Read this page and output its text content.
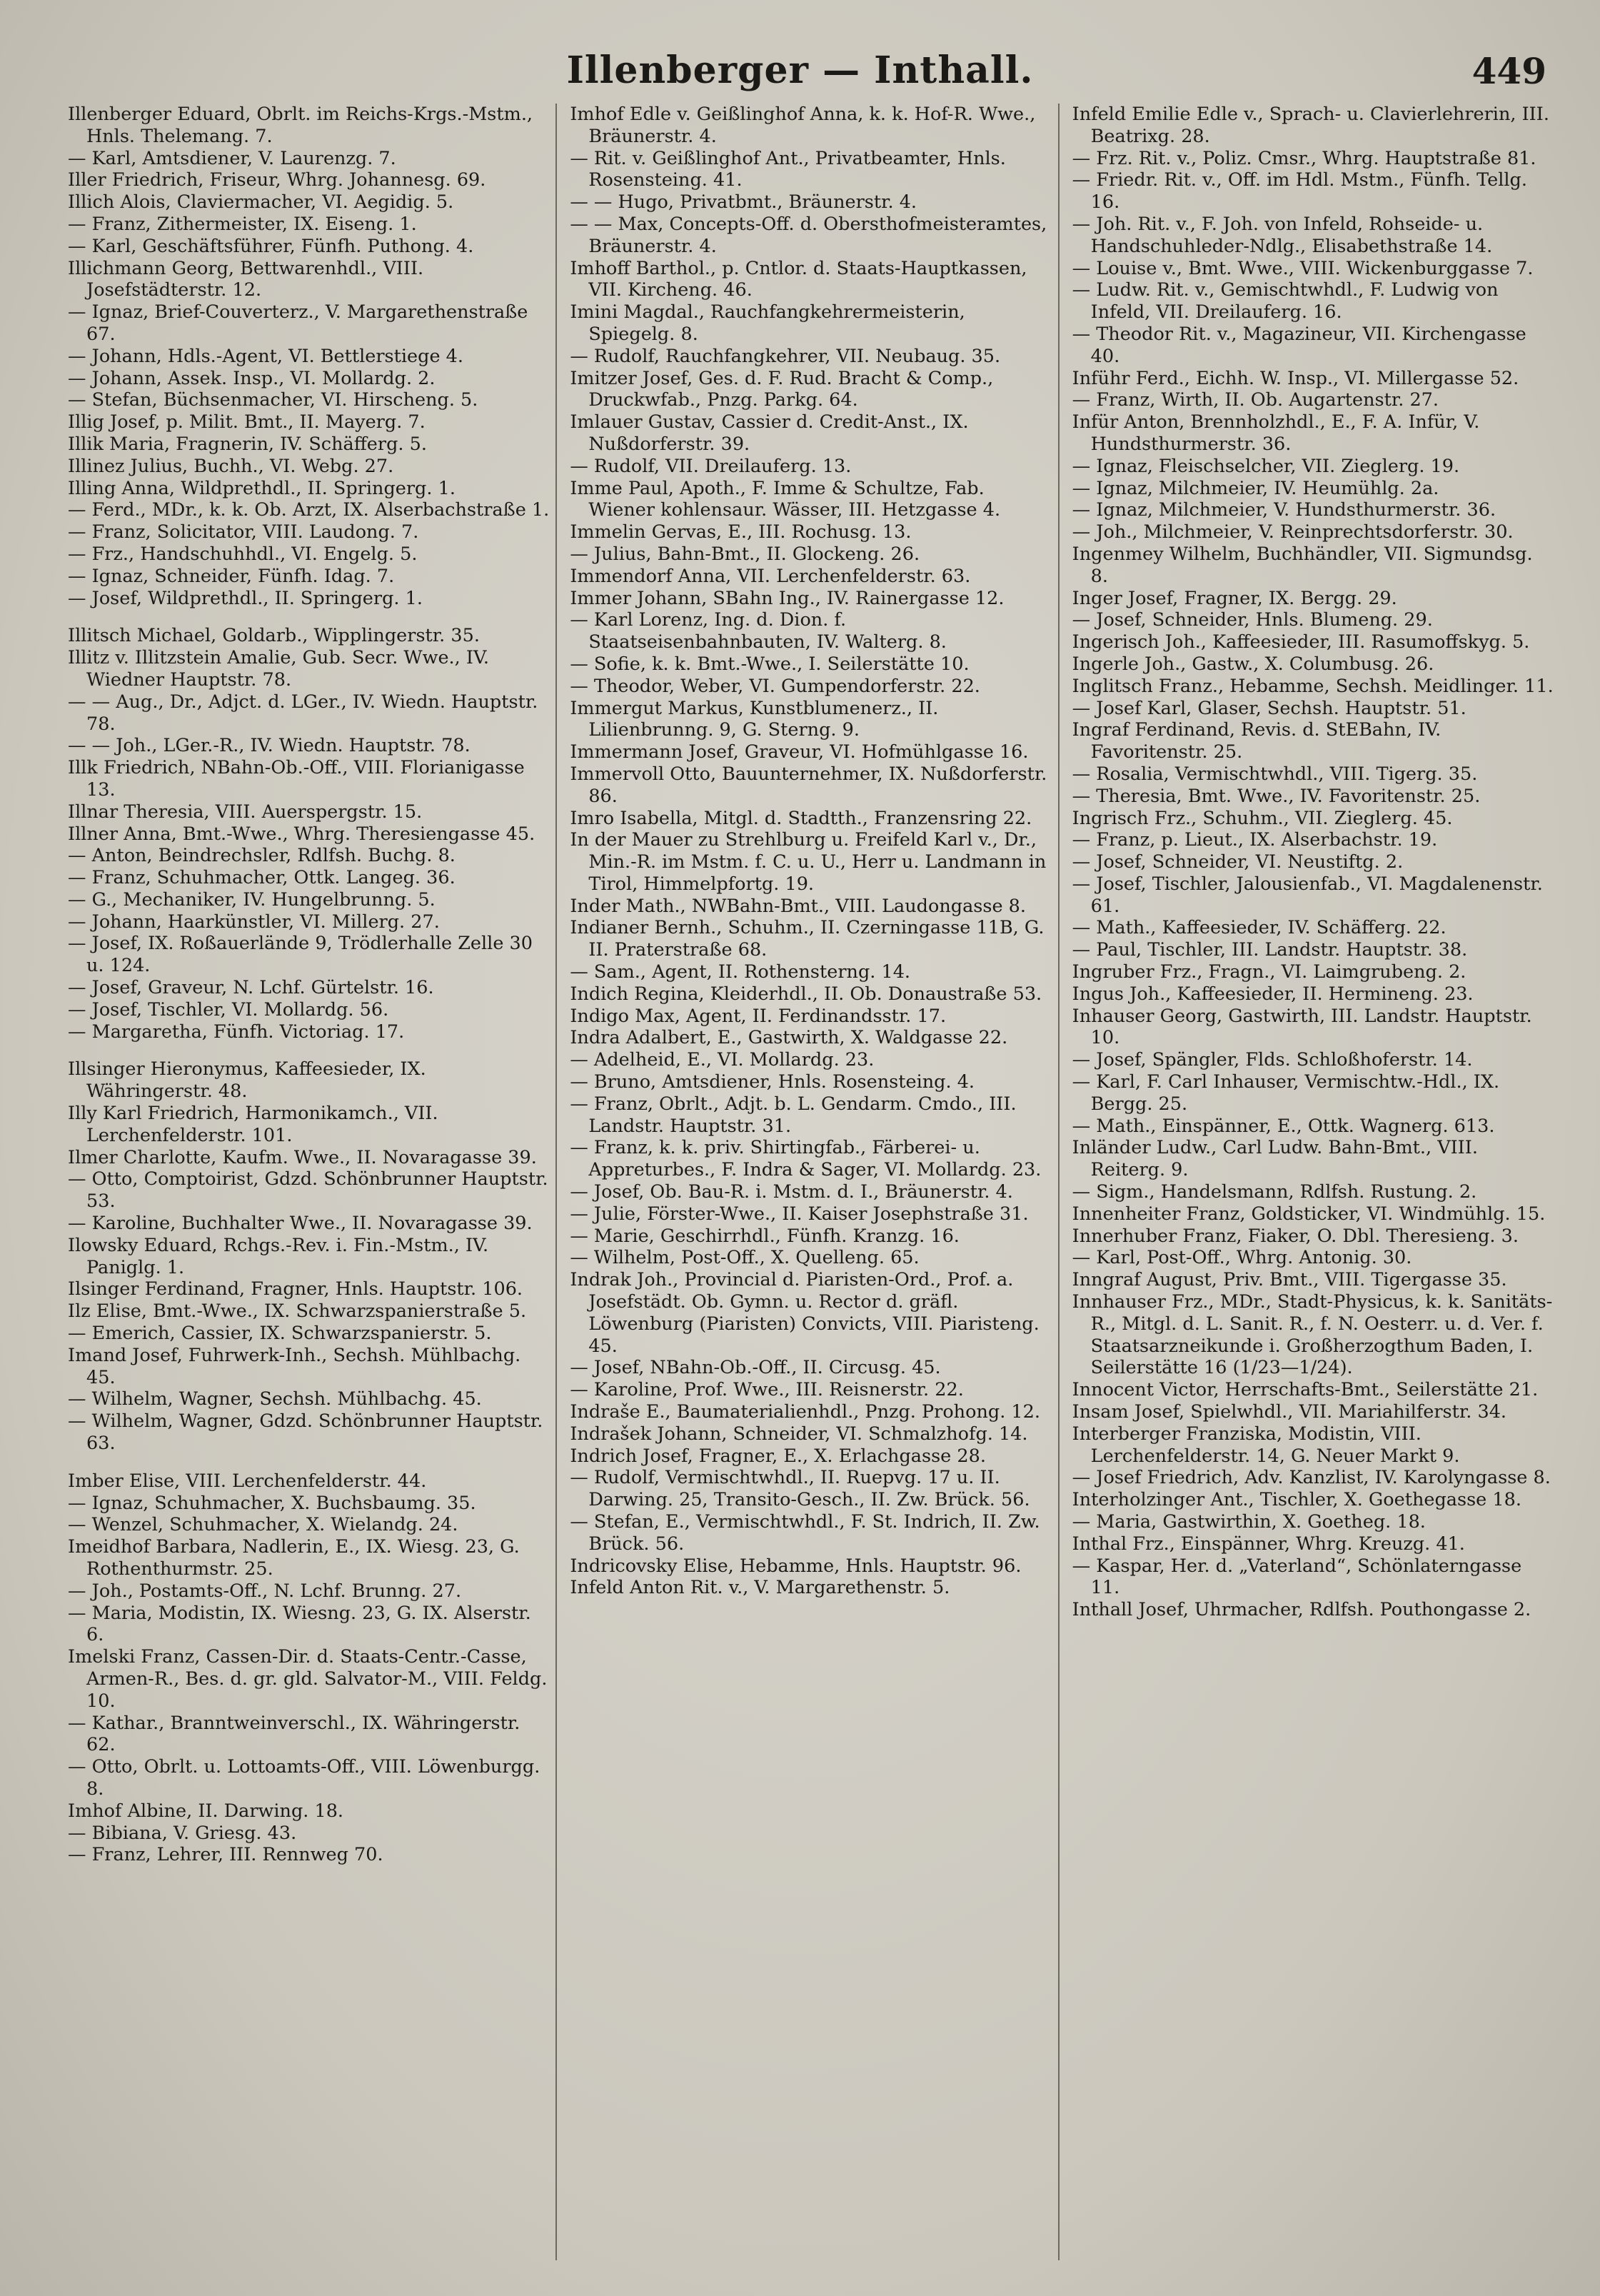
Illenberger — Inthall.	449

Illenberger Eduard, Obrlt. im Reichs-Krgs.-Mstm., Hnls. Thelemang. 7.

— Karl, Amtsdiener, V. Laurenzg. 7.

Iller Friedrich, Friseur, Whrg. Johannesg. 69.

Illich Alois, Claviermacher, VI. Aegidig. 5.

— Franz, Zithermeister, IX. Eiseng. 1.

— Karl, Geschäftsführer, Fünfh. Puthong. 4.

Illichmann Georg, Bettwarenhdl., VIII. Josefstädterstr. 12.

— Ignaz, Brief-Couverterz., V. Margarethenstraße 67.

— Johann, Hdls.-Agent, VI. Bettlerstiege 4.

— Johann, Assek. Insp., VI. Mollardg. 2.

— Stefan, Büchsenmacher, VI. Hirscheng. 5.

Illig Josef, p. Milit. Bmt., II. Mayerg. 7.

Illik Maria, Fragnerin, IV. Schäfferg. 5.

Illinez Julius, Buchh., VI. Webg. 27.

Illing Anna, Wildprethdl., II. Springerg. 1.

— Ferd., MDr., k. k. Ob. Arzt, IX. Alserbachstraße 1.

— Franz, Solicitator, VIII. Laudong. 7.

— Frz., Handschuhhdl., VI. Engelg. 5.

— Ignaz, Schneider, Fünfh. Idag. 7.

— Josef, Wildprethdl., II. Springerg. 1.

Illitsch Michael, Goldarb., Wipplingerstr. 35.

Illitz v. Illitzstein Amalie, Gub. Secr. Wwe., IV. Wiedner Hauptstr. 78.

— — Aug., Dr., Adjct. d. LGer., IV. Wiedn. Hauptstr. 78.

— — Joh., LGer.-R., IV. Wiedn. Hauptstr. 78.

Illk Friedrich, NBahn-Ob.-Off., VIII. Florianigasse 13.

Illnar Theresia, VIII. Auerspergstr. 15.

Illner Anna, Bmt.-Wwe., Whrg. Theresiengasse 45.

— Anton, Beindrechsler, Rdlfsh. Buchg. 8.

— Franz, Schuhmacher, Ottk. Langeg. 36.

— G., Mechaniker, IV. Hungelbrunng. 5.

— Johann, Haarkünstler, VI. Millerg. 27.

— Josef, IX. Roßauerlände 9, Trödlerhalle Zelle 30 u. 124.

— Josef, Graveur, N. Lchf. Gürtelstr. 16.

— Josef, Tischler, VI. Mollardg. 56.

— Margaretha, Fünfh. Victoriag. 17.

Illsinger Hieronymus, Kaffeesieder, IX. Währingerstr. 48.

Illy Karl Friedrich, Harmonikamch., VII. Lerchenfelderstr. 101.

Ilmer Charlotte, Kaufm. Wwe., II. Novaragasse 39.

— Otto, Comptoirist, Gdzd. Schönbrunner Hauptstr. 53.

— Karoline, Buchhalter Wwe., II. Novaragasse 39.

Ilowsky Eduard, Rchgs.-Rev. i. Fin.-Mstm., IV. Paniglg. 1.

Ilsinger Ferdinand, Fragner, Hnls. Hauptstr. 106.

Ilz Elise, Bmt.-Wwe., IX. Schwarzspanierstraße 5.

— Emerich, Cassier, IX. Schwarzspanierstr. 5.

Imand Josef, Fuhrwerk-Inh., Sechsh. Mühlbachg. 45.

— Wilhelm, Wagner, Sechsh. Mühlbachg. 45.

— Wilhelm, Wagner, Gdzd. Schönbrunner Hauptstr. 63.

Imber Elise, VIII. Lerchenfelderstr. 44.

— Ignaz, Schuhmacher, X. Buchsbaumg. 35.

— Wenzel, Schuhmacher, X. Wielandg. 24.

Imeidhof Barbara, Nadlerin, E., IX. Wiesg. 23, G. Rothenthurmstr. 25.

— Joh., Postamts-Off., N. Lchf. Brunng. 27.

— Maria, Modistin, IX. Wiesng. 23, G. IX. Alserstr. 6.

Imelski Franz, Cassen-Dir. d. Staats-Centr.-Casse, Armen-R., Bes. d. gr. gld. Salvator-M., VIII. Feldg. 10.

— Kathar., Branntweinverschl., IX. Währingerstr. 62.

— Otto, Obrlt. u. Lottoamts-Off., VIII. Löwenburgg. 8.

Imhof Albine, II. Darwing. 18.

— Bibiana, V. Griesg. 43.

— Franz, Lehrer, III. Rennweg 70.

Imhof Edle v. Geißlinghof Anna, k. k. Hof-R. Wwe., Bräunerstr. 4.

— Rit. v. Geißlinghof Ant., Privatbeamter, Hnls. Rosensteing. 41.

— — Hugo, Privatbmt., Bräunerstr. 4.

— — Max, Concepts-Off. d. Obersthofmeisteramtes, Bräunerstr. 4.

Imhoff Barthol., p. Cntlor. d. Staats-Hauptkassen, VII. Kircheng. 46.

Imini Magdal., Rauchfangkehrermeisterin, Spiegelg. 8.

— Rudolf, Rauchfangkehrer, VII. Neubaug. 35.

Imitzer Josef, Ges. d. F. Rud. Bracht & Comp., Druckwfab., Pnzg. Parkg. 64.

Imlauer Gustav, Cassier d. Credit-Anst., IX. Nußdorferstr. 39.

— Rudolf, VII. Dreilauferg. 13.

Imme Paul, Apoth., F. Imme & Schultze, Fab. Wiener kohlensaur. Wässer, III. Hetzgasse 4.

Immelin Gervas, E., III. Rochusg. 13.

— Julius, Bahn-Bmt., II. Glockeng. 26.

Immendorf Anna, VII. Lerchenfelderstr. 63.

Immer Johann, SBahn Ing., IV. Rainergasse 12.

— Karl Lorenz, Ing. d. Dion. f. Staatseisenbahnbauten, IV. Walterg. 8.

— Sofie, k. k. Bmt.-Wwe., I. Seilerstätte 10.

— Theodor, Weber, VI. Gumpendorferstr. 22.

Immergut Markus, Kunstblumenerz., II. Lilienbrunng. 9, G. Sterng. 9.

Immermann Josef, Graveur, VI. Hofmühlgasse 16.

Immervoll Otto, Bauunternehmer, IX. Nußdorferstr. 86.

Imro Isabella, Mitgl. d. Stadtth., Franzensring 22.

In der Mauer zu Strehlburg u. Freifeld Karl v., Dr., Min.-R. im Mstm. f. C. u. U., Herr u. Landmann in Tirol, Himmelpfortg. 19.

Inder Math., NWBahn-Bmt., VIII. Laudongasse 8.

Indianer Bernh., Schuhm., II. Czerningasse 11B, G. II. Praterstraße 68.

— Sam., Agent, II. Rothensterng. 14.

Indich Regina, Kleiderhdl., II. Ob. Donaustraße 53.

Indigo Max, Agent, II. Ferdinandsstr. 17.

Indra Adalbert, E., Gastwirth, X. Waldgasse 22.

— Adelheid, E., VI. Mollardg. 23.

— Bruno, Amtsdiener, Hnls. Rosensteing. 4.

— Franz, Obrlt., Adjt. b. L. Gendarm. Cmdo., III. Landstr. Hauptstr. 31.

— Franz, k. k. priv. Shirtingfab., Färberei- u. Appreturbes., F. Indra & Sager, VI. Mollardg. 23.

— Josef, Ob. Bau-R. i. Mstm. d. I., Bräunerstr. 4.

— Julie, Förster-Wwe., II. Kaiser Josephstraße 31.

— Marie, Geschirrhdl., Fünfh. Kranzg. 16.

— Wilhelm, Post-Off., X. Quelleng. 65.

Indrak Joh., Provincial d. Piaristen-Ord., Prof. a. Josefstädt. Ob. Gymn. u. Rector d. gräfl. Löwenburg (Piaristen) Convicts, VIII. Piaristeng. 45.

— Josef, NBahn-Ob.-Off., II. Circusg. 45.

— Karoline, Prof. Wwe., III. Reisnerstr. 22.

Indraše E., Baumaterialienhdl., Pnzg. Prohong. 12.

Indrašek Johann, Schneider, VI. Schmalzhofg. 14.

Indrich Josef, Fragner, E., X. Erlachgasse 28.

— Rudolf, Vermischtwhdl., II. Ruepvg. 17 u. II. Darwing. 25, Transito-Gesch., II. Zw. Brück. 56.

— Stefan, E., Vermischtwhdl., F. St. Indrich, II. Zw. Brück. 56.

Indricovsky Elise, Hebamme, Hnls. Hauptstr. 96.

Infeld Anton Rit. v., V. Margarethenstr. 5.

Infeld Emilie Edle v., Sprach- u. Clavierlehrerin, III. Beatrixg. 28.

— Frz. Rit. v., Poliz. Cmsr., Whrg. Hauptstraße 81.

— Friedr. Rit. v., Off. im Hdl. Mstm., Fünfh. Tellg. 16.

— Joh. Rit. v., F. Joh. von Infeld, Rohseide- u. Handschuhleder-Ndlg., Elisabethstraße 14.

— Louise v., Bmt. Wwe., VIII. Wickenburggasse 7.

— Ludw. Rit. v., Gemischtwhdl., F. Ludwig von Infeld, VII. Dreilauferg. 16.

— Theodor Rit. v., Magazineur, VII. Kirchengasse 40.

Inführ Ferd., Eichh. W. Insp., VI. Millergasse 52.

— Franz, Wirth, II. Ob. Augartenstr. 27.

Infür Anton, Brennholzhdl., E., F. A. Infür, V. Hundsthurmerstr. 36.

— Ignaz, Fleischselcher, VII. Zieglerg. 19.

— Ignaz, Milchmeier, IV. Heumühlg. 2a.

— Ignaz, Milchmeier, V. Hundsthurmerstr. 36.

— Joh., Milchmeier, V. Reinprechtsdorferstr. 30.

Ingenmey Wilhelm, Buchhändler, VII. Sigmundsg. 8.

Inger Josef, Fragner, IX. Bergg. 29.

— Josef, Schneider, Hnls. Blumeng. 29.

Ingerisch Joh., Kaffeesieder, III. Rasumoffskyg. 5.

Ingerle Joh., Gastw., X. Columbusg. 26.

Inglitsch Franz., Hebamme, Sechsh. Meidlinger. 11.

— Josef Karl, Glaser, Sechsh. Hauptstr. 51.

Ingraf Ferdinand, Revis. d. StEBahn, IV. Favoritenstr. 25.

— Rosalia, Vermischtwhdl., VIII. Tigerg. 35.

— Theresia, Bmt. Wwe., IV. Favoritenstr. 25.

Ingrisch Frz., Schuhm., VII. Zieglerg. 45.

— Franz, p. Lieut., IX. Alserbachstr. 19.

— Josef, Schneider, VI. Neustiftg. 2.

— Josef, Tischler, Jalousienfab., VI. Magdalenenstr. 61.

— Math., Kaffeesieder, IV. Schäfferg. 22.

— Paul, Tischler, III. Landstr. Hauptstr. 38.

Ingruber Frz., Fragn., VI. Laimgrubeng. 2.

Ingus Joh., Kaffeesieder, II. Hermineng. 23.

Inhauser Georg, Gastwirth, III. Landstr. Hauptstr. 10.

— Josef, Spängler, Flds. Schloßhoferstr. 14.

— Karl, F. Carl Inhauser, Vermischtw.-Hdl., IX. Bergg. 25.

— Math., Einspänner, E., Ottk. Wagnerg. 613.

Inländer Ludw., Carl Ludw. Bahn-Bmt., VIII. Reiterg. 9.

— Sigm., Handelsmann, Rdlfsh. Rustung. 2.

Innenheiter Franz, Goldsticker, VI. Windmühlg. 15.

Innerhuber Franz, Fiaker, O. Dbl. Theresieng. 3.

— Karl, Post-Off., Whrg. Antonig. 30.

Inngraf August, Priv. Bmt., VIII. Tigergasse 35.

Innhauser Frz., MDr., Stadt-Physicus, k. k. Sanitäts-R., Mitgl. d. L. Sanit. R., f. N. Oesterr. u. d. Ver. f. Staatsarzneikunde i. Großherzogthum Baden, I. Seilerstätte 16 (1/23—1/24).

Innocent Victor, Herrschafts-Bmt., Seilerstätte 21.

Insam Josef, Spielwhdl., VII. Mariahilferstr. 34.

Interberger Franziska, Modistin, VIII. Lerchenfelderstr. 14, G. Neuer Markt 9.

— Josef Friedrich, Adv. Kanzlist, IV. Karolyngasse 8.

Interholzinger Ant., Tischler, X. Goethegasse 18.

— Maria, Gastwirthin, X. Goetheg. 18.

Inthal Frz., Einspänner, Whrg. Kreuzg. 41.

— Kaspar, Her. d. „Vaterland“, Schönlaterngasse 11.

Inthall Josef, Uhrmacher, Rdlfsh. Pouthongasse 2.
